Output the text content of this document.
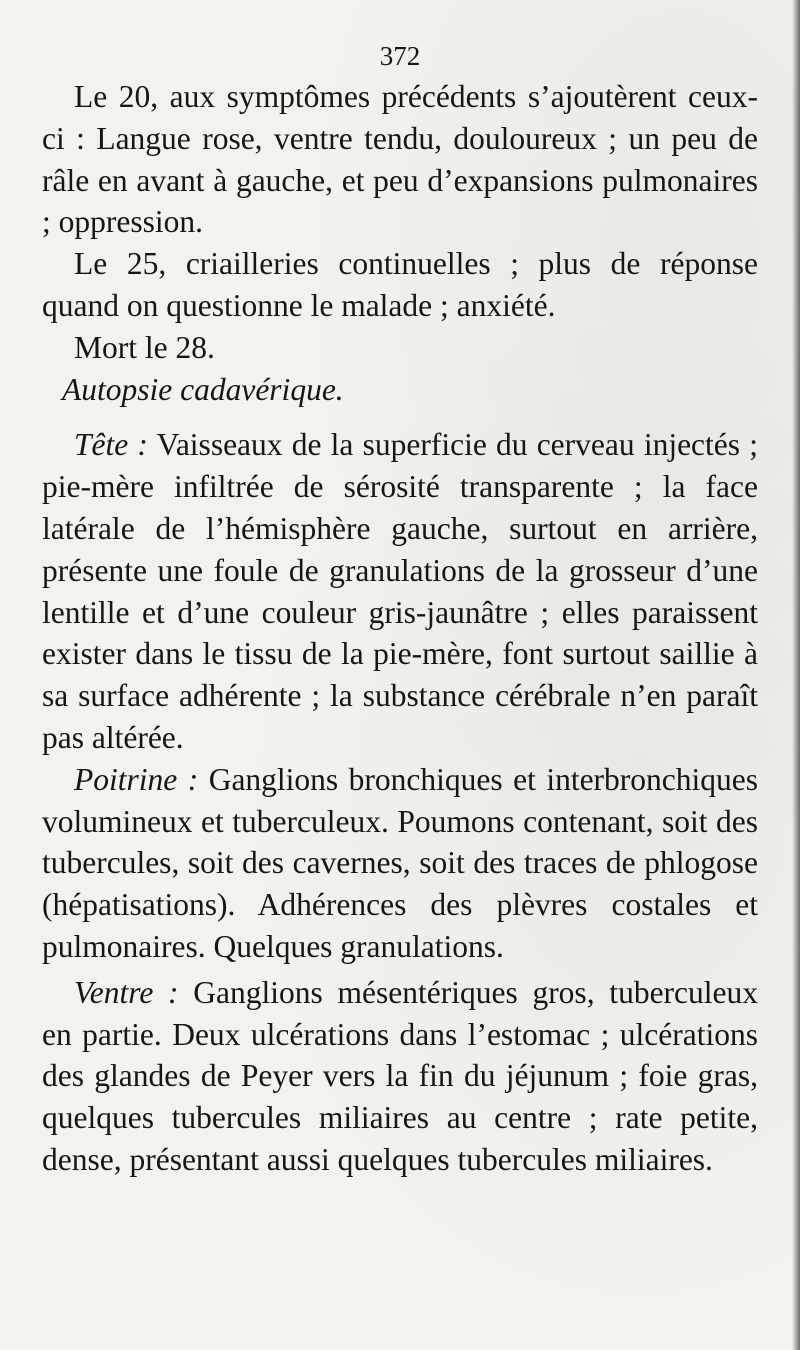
372

Le 20, aux symptômes précédents s’ajoutèrent ceux-ci : Langue rose, ventre tendu, douloureux ; un peu de râle en avant à gauche, et peu d’expansions pulmonaires ; oppression.

Le 25, criailleries continuelles ; plus de réponse quand on questionne le malade ; anxiété.

Mort le 28.

Autopsie cadavérique.

Tête : Vaisseaux de la superficie du cerveau injectés ; pie-mère infiltrée de sérosité transparente ; la face latérale de l’hémisphère gauche, surtout en arrière, présente une foule de granulations de la grosseur d’une lentille et d’une couleur gris-jaunâtre ; elles paraissent exister dans le tissu de la pie-mère, font surtout saillie à sa surface adhérente ; la substance cérébrale n’en paraît pas altérée.

Poitrine : Ganglions bronchiques et interbronchiques volumineux et tuberculeux. Poumons contenant, soit des tubercules, soit des cavernes, soit des traces de phlogose (hépatisations). Adhérences des plèvres costales et pulmonaires. Quelques granulations.

Ventre : Ganglions mésentériques gros, tuberculeux en partie. Deux ulcérations dans l’estomac ; ulcérations des glandes de Peyer vers la fin du jéjunum ; foie gras, quelques tubercules miliaires au centre ; rate petite, dense, présentant aussi quelques tubercules miliaires.
